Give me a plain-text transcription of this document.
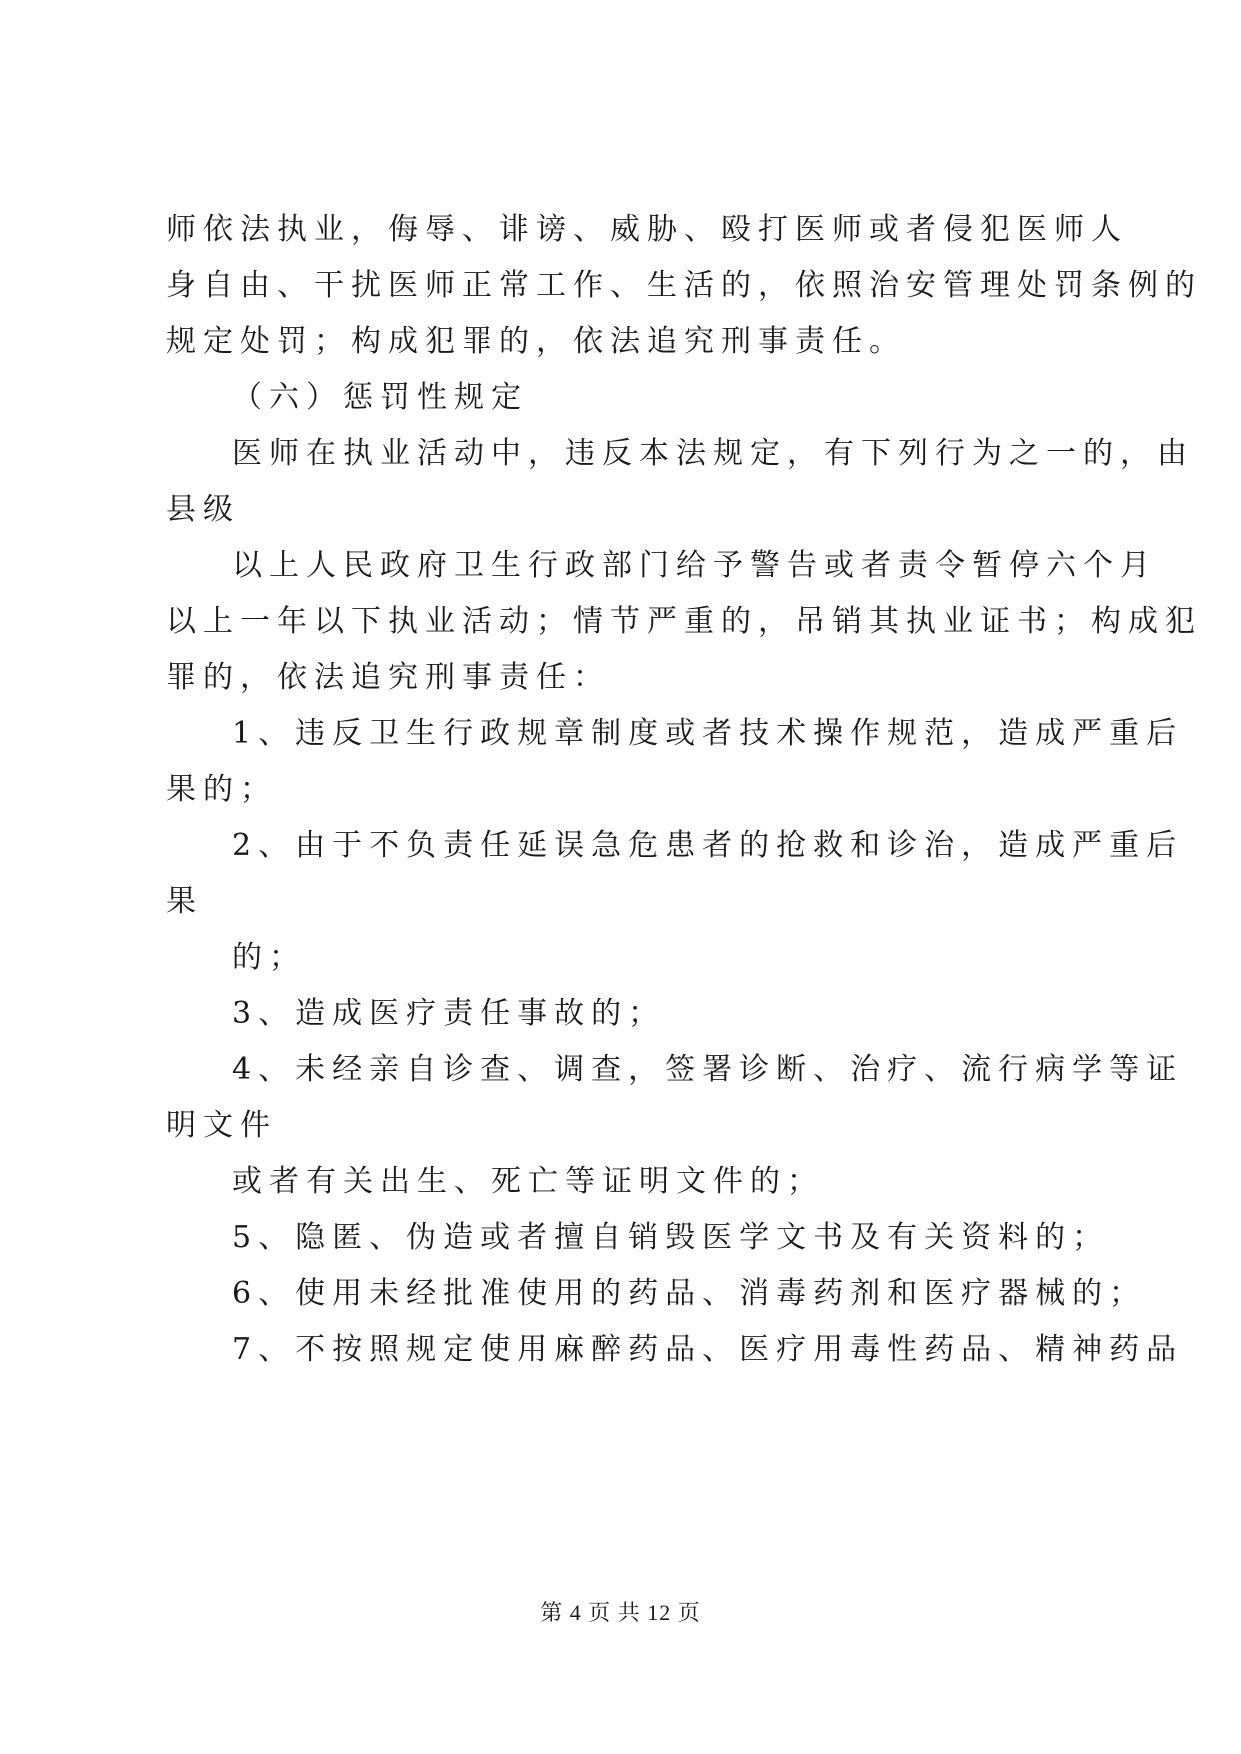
师依法执业，侮辱、诽谤、威胁、殴打医师或者侵犯医师人
身自由、干扰医师正常工作、生活的，依照治安管理处罚条例的
规定处罚；构成犯罪的，依法追究刑事责任。
（六）惩罚性规定
医师在执业活动中，违反本法规定，有下列行为之一的，由
县级
以上人民政府卫生行政部门给予警告或者责令暂停六个月
以上一年以下执业活动；情节严重的，吊销其执业证书；构成犯
罪的，依法追究刑事责任：
1、违反卫生行政规章制度或者技术操作规范，造成严重后
果的；
2、由于不负责任延误急危患者的抢救和诊治，造成严重后
果
的；
3、造成医疗责任事故的；
4、未经亲自诊查、调查，签署诊断、治疗、流行病学等证
明文件
或者有关出生、死亡等证明文件的；
5、隐匿、伪造或者擅自销毁医学文书及有关资料的；
6、使用未经批准使用的药品、消毒药剂和医疗器械的；
7、不按照规定使用麻醉药品、医疗用毒性药品、精神药品
第 4 页 共 12 页
